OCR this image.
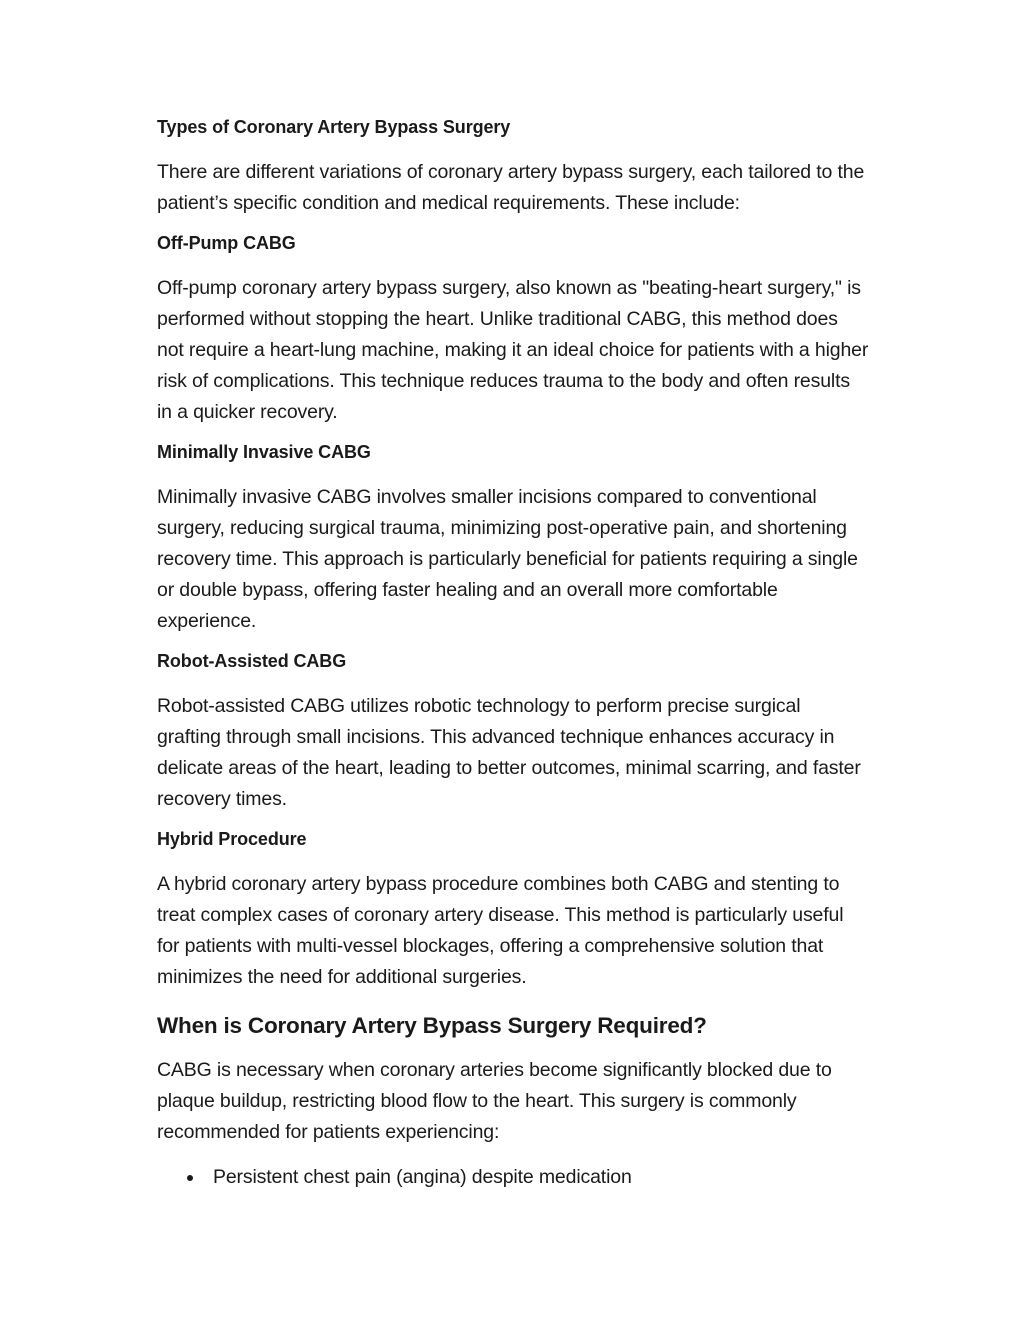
Types of Coronary Artery Bypass Surgery

There are different variations of coronary artery bypass surgery, each tailored to the patient’s specific condition and medical requirements. These include:

Off-Pump CABG

Off-pump coronary artery bypass surgery, also known as "beating-heart surgery," is performed without stopping the heart. Unlike traditional CABG, this method does not require a heart-lung machine, making it an ideal choice for patients with a higher risk of complications. This technique reduces trauma to the body and often results in a quicker recovery.

Minimally Invasive CABG

Minimally invasive CABG involves smaller incisions compared to conventional surgery, reducing surgical trauma, minimizing post-operative pain, and shortening recovery time. This approach is particularly beneficial for patients requiring a single or double bypass, offering faster healing and an overall more comfortable experience.

Robot-Assisted CABG

Robot-assisted CABG utilizes robotic technology to perform precise surgical grafting through small incisions. This advanced technique enhances accuracy in delicate areas of the heart, leading to better outcomes, minimal scarring, and faster recovery times.

Hybrid Procedure

A hybrid coronary artery bypass procedure combines both CABG and stenting to treat complex cases of coronary artery disease. This method is particularly useful for patients with multi-vessel blockages, offering a comprehensive solution that minimizes the need for additional surgeries.

When is Coronary Artery Bypass Surgery Required?

CABG is necessary when coronary arteries become significantly blocked due to plaque buildup, restricting blood flow to the heart. This surgery is commonly recommended for patients experiencing:

Persistent chest pain (angina) despite medication
